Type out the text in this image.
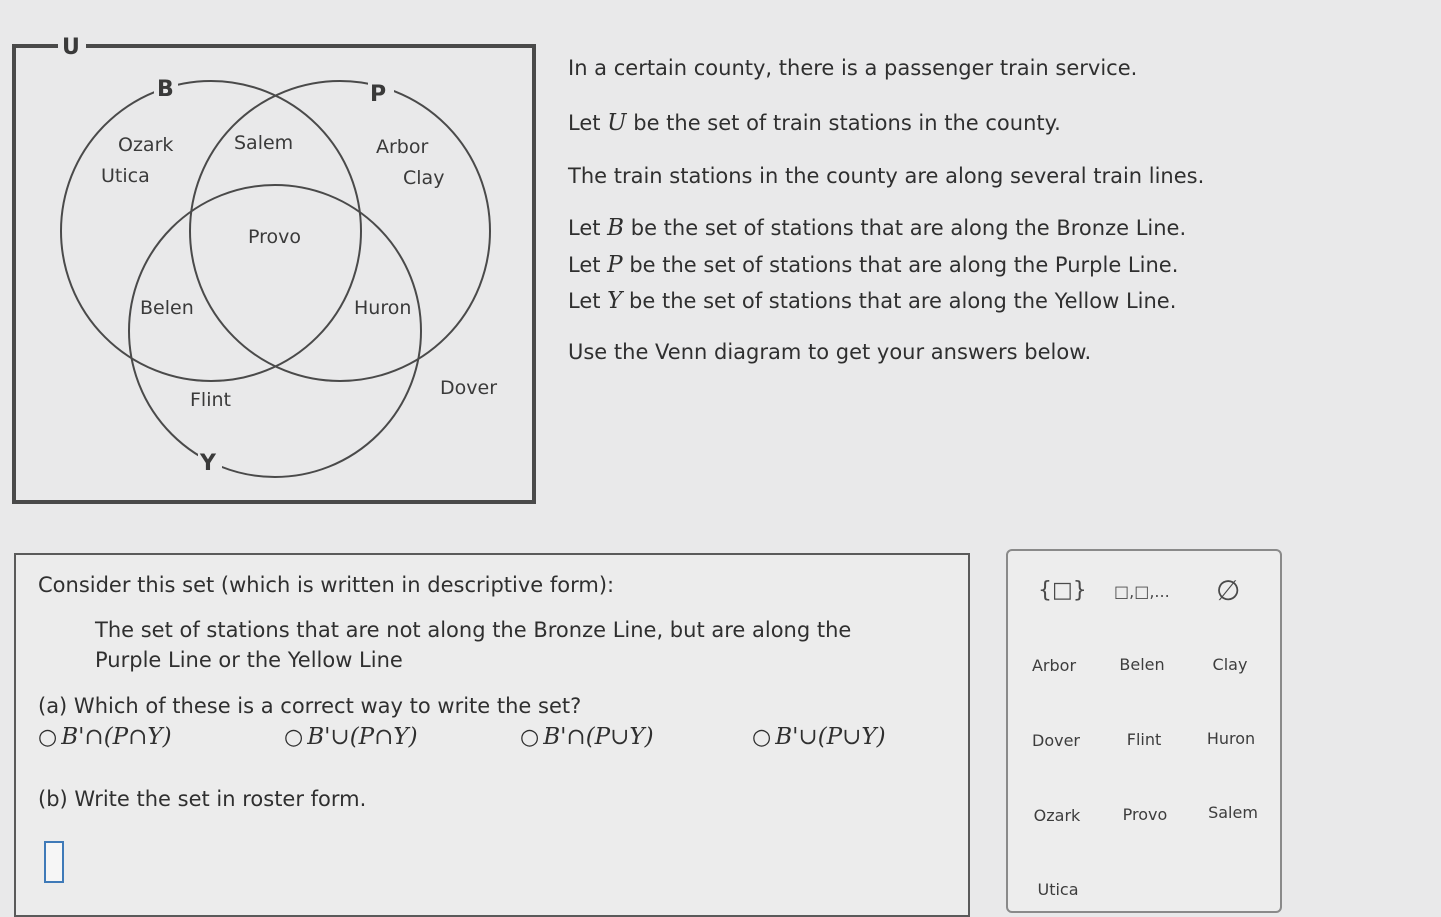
U
B	P
Y
Ozark
Utica
Salem	Arbor
Clay
Provo
Belen	Huron
Flint
Dover
In a certain county, there is a passenger train service.
Let U be the set of train stations in the county.
The train stations in the county are along several train lines.
Let B be the set of stations that are along the Bronze Line.
Let P be the set of stations that are along the Purple Line.
Let Y be the set of stations that are along the Yellow Line.
Use the Venn diagram to get your answers below.
Consider this set (which is written in descriptive form):
The set of stations that are not along the Bronze Line, but are along the
Purple Line or the Yellow Line
(a) Which of these is a correct way to write the set?
○ B'∩(P∩Y)	○ B'∪(P∩Y)	○ B'∩(P∪Y)	○ B'∪(P∪Y)
(b) Write the set in roster form.
{□} □,□,... ∅
Arbor	Belen	Clay
Dover	Flint	Huron
Ozark	Provo	Salem
Utica
